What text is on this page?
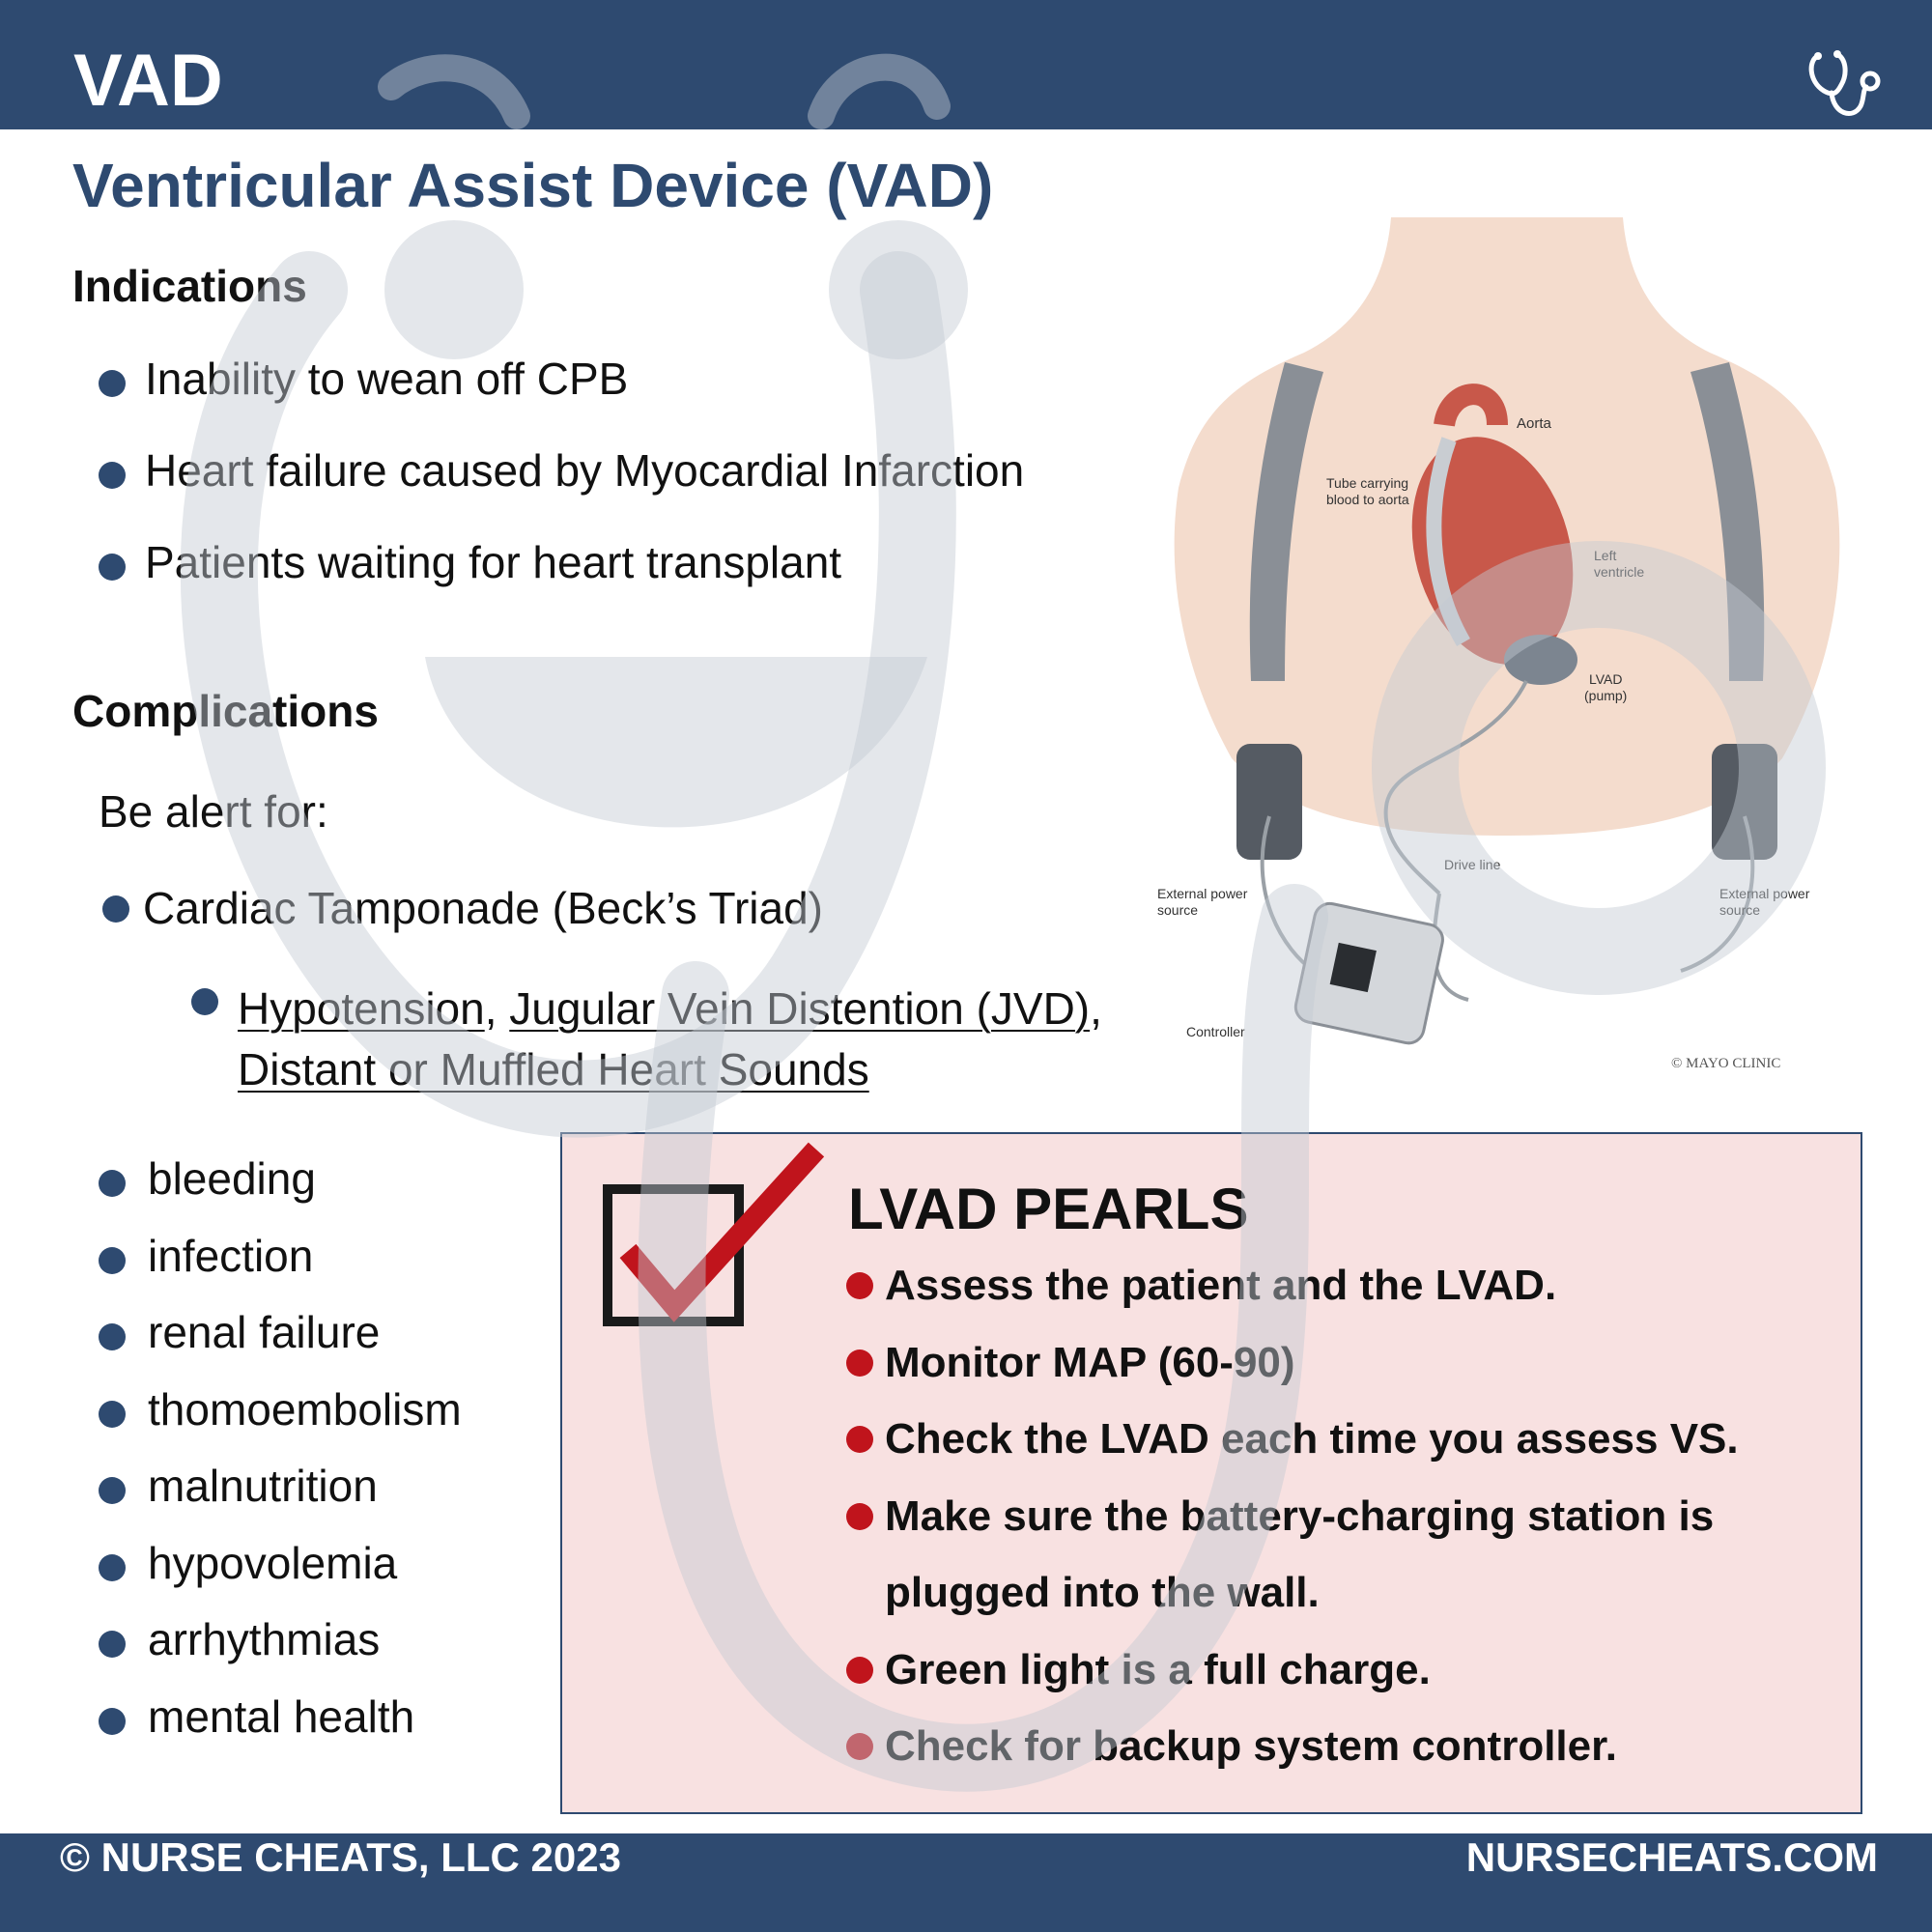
VAD
Ventricular Assist Device (VAD)
Indications
Inability to wean off CPB
Heart failure caused by Myocardial Infarction
Patients waiting for heart transplant
Complications
Be alert for:
Cardiac Tamponade (Beck’s Triad)
Hypotension, Jugular Vein Distention (JVD),
Distant or Muffled Heart Sounds
bleeding
infection
renal failure
thomoembolism
malnutrition
hypovolemia
arrhythmias
mental health
Aorta
Tube carrying
blood to aorta
Left
ventricle
LVAD
(pump)
Drive line
External power
source
External power
source
Controller
© MAYO CLINIC
LVAD PEARLS
Assess the patient and the LVAD.
Monitor MAP (60-90)
Check the LVAD each time you assess VS.
Make sure the battery-charging station is
plugged into the wall.
Green light is a full charge.
Check for backup system controller.
© NURSE CHEATS, LLC 2023	NURSECHEATS.COM
